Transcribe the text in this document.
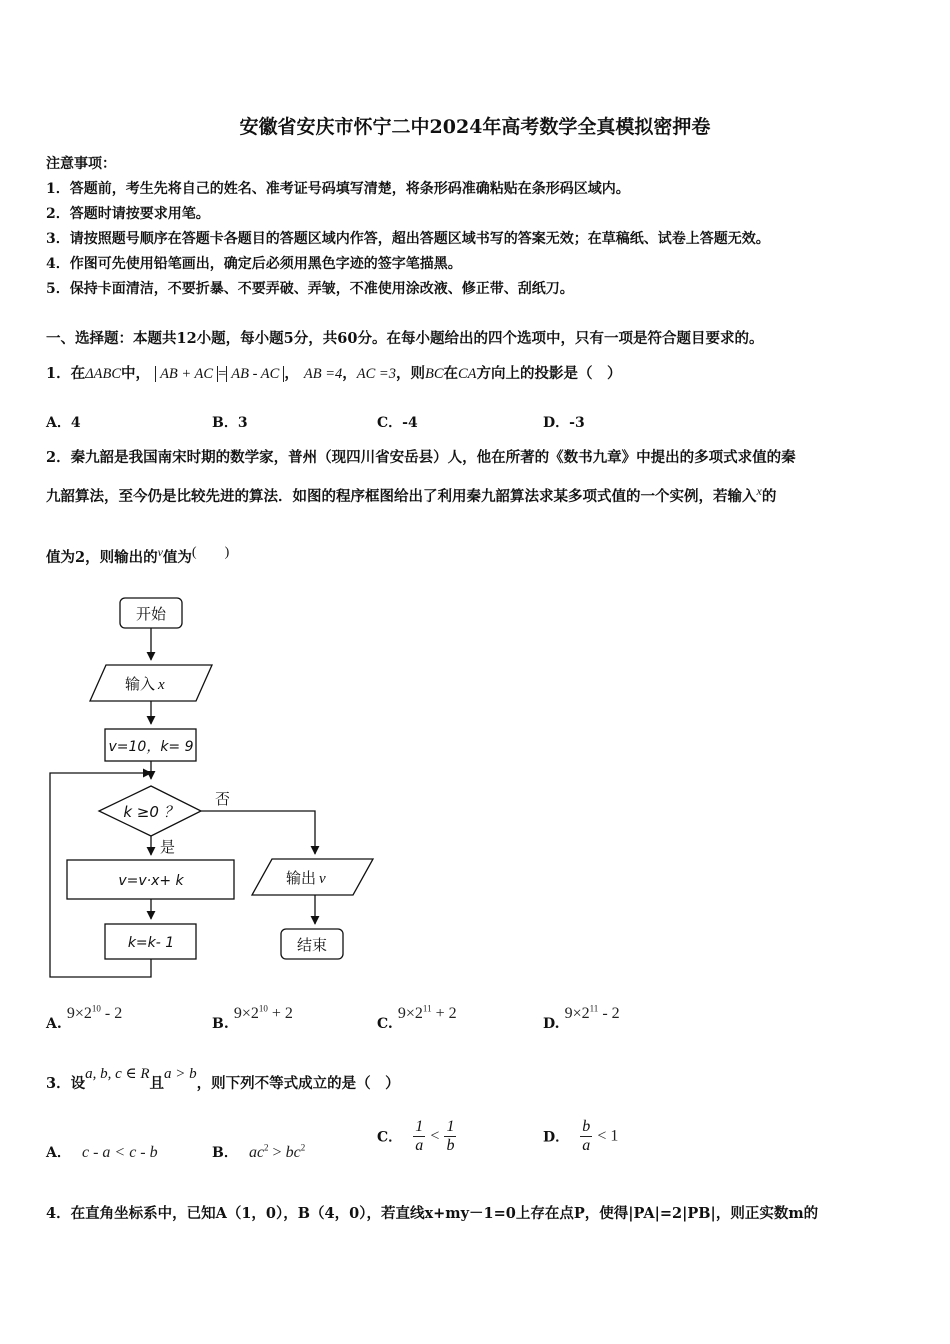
安徽省安庆市怀宁二中2024年高考数学全真模拟密押卷
注意事项：
1．答题前，考生先将自己的姓名、准考证号码填写清楚，将条形码准确粘贴在条形码区域内。
2．答题时请按要求用笔。
3．请按照题号顺序在答题卡各题目的答题区域内作答，超出答题区域书写的答案无效；在草稿纸、试卷上答题无效。
4．作图可先使用铅笔画出，确定后必须用黑色字迹的签字笔描黑。
5．保持卡面清洁，不要折暴、不要弄破、弄皱，不准使用涂改液、修正带、刮纸刀。
一、选择题：本题共12小题，每小题5分，共60分。在每小题给出的四个选项中，只有一项是符合题目要求的。
1．在ΔABC中， AB + AC = AB - AC ， AB =4，AC =3，则BC在CA方向上的投影是（　）
A．4	B．3	C．-4	D．-3
2．秦九韶是我国南宋时期的数学家，普州（现四川省安岳县）人，他在所著的《数书九章》中提出的多项式求值的秦
九韶算法，至今仍是比较先进的算法．如图的程序框图给出了利用秦九韶算法求某多项式值的一个实例，若输入$^x$的
值为2，则输出的$^v$值为(　　)
开始
输入 x
v=10，k= 9
k ≥0 ？
否
是
v=v·x+ k
k=k- 1
输出 v
结束
A. $9\times 2^{10} - 2$
B. $9\times 2^{10} + 2$
C. $9\times 2^{11} + 2$
D. $9\times 2^{11} - 2$
3．设a, b, c ∈ R且a > b，则下列不等式成立的是（　）
A． c - a < c - b	B． $ac^2 > bc^2$
C． $\frac{1}{a} < \frac{1}{b}$	D． $\frac{b}{a} < 1$
4．在直角坐标系中，已知A（1，0），B（4，0），若直线x+my－1=0上存在点P，使得|PA|=2|PB|，则正实数m的
